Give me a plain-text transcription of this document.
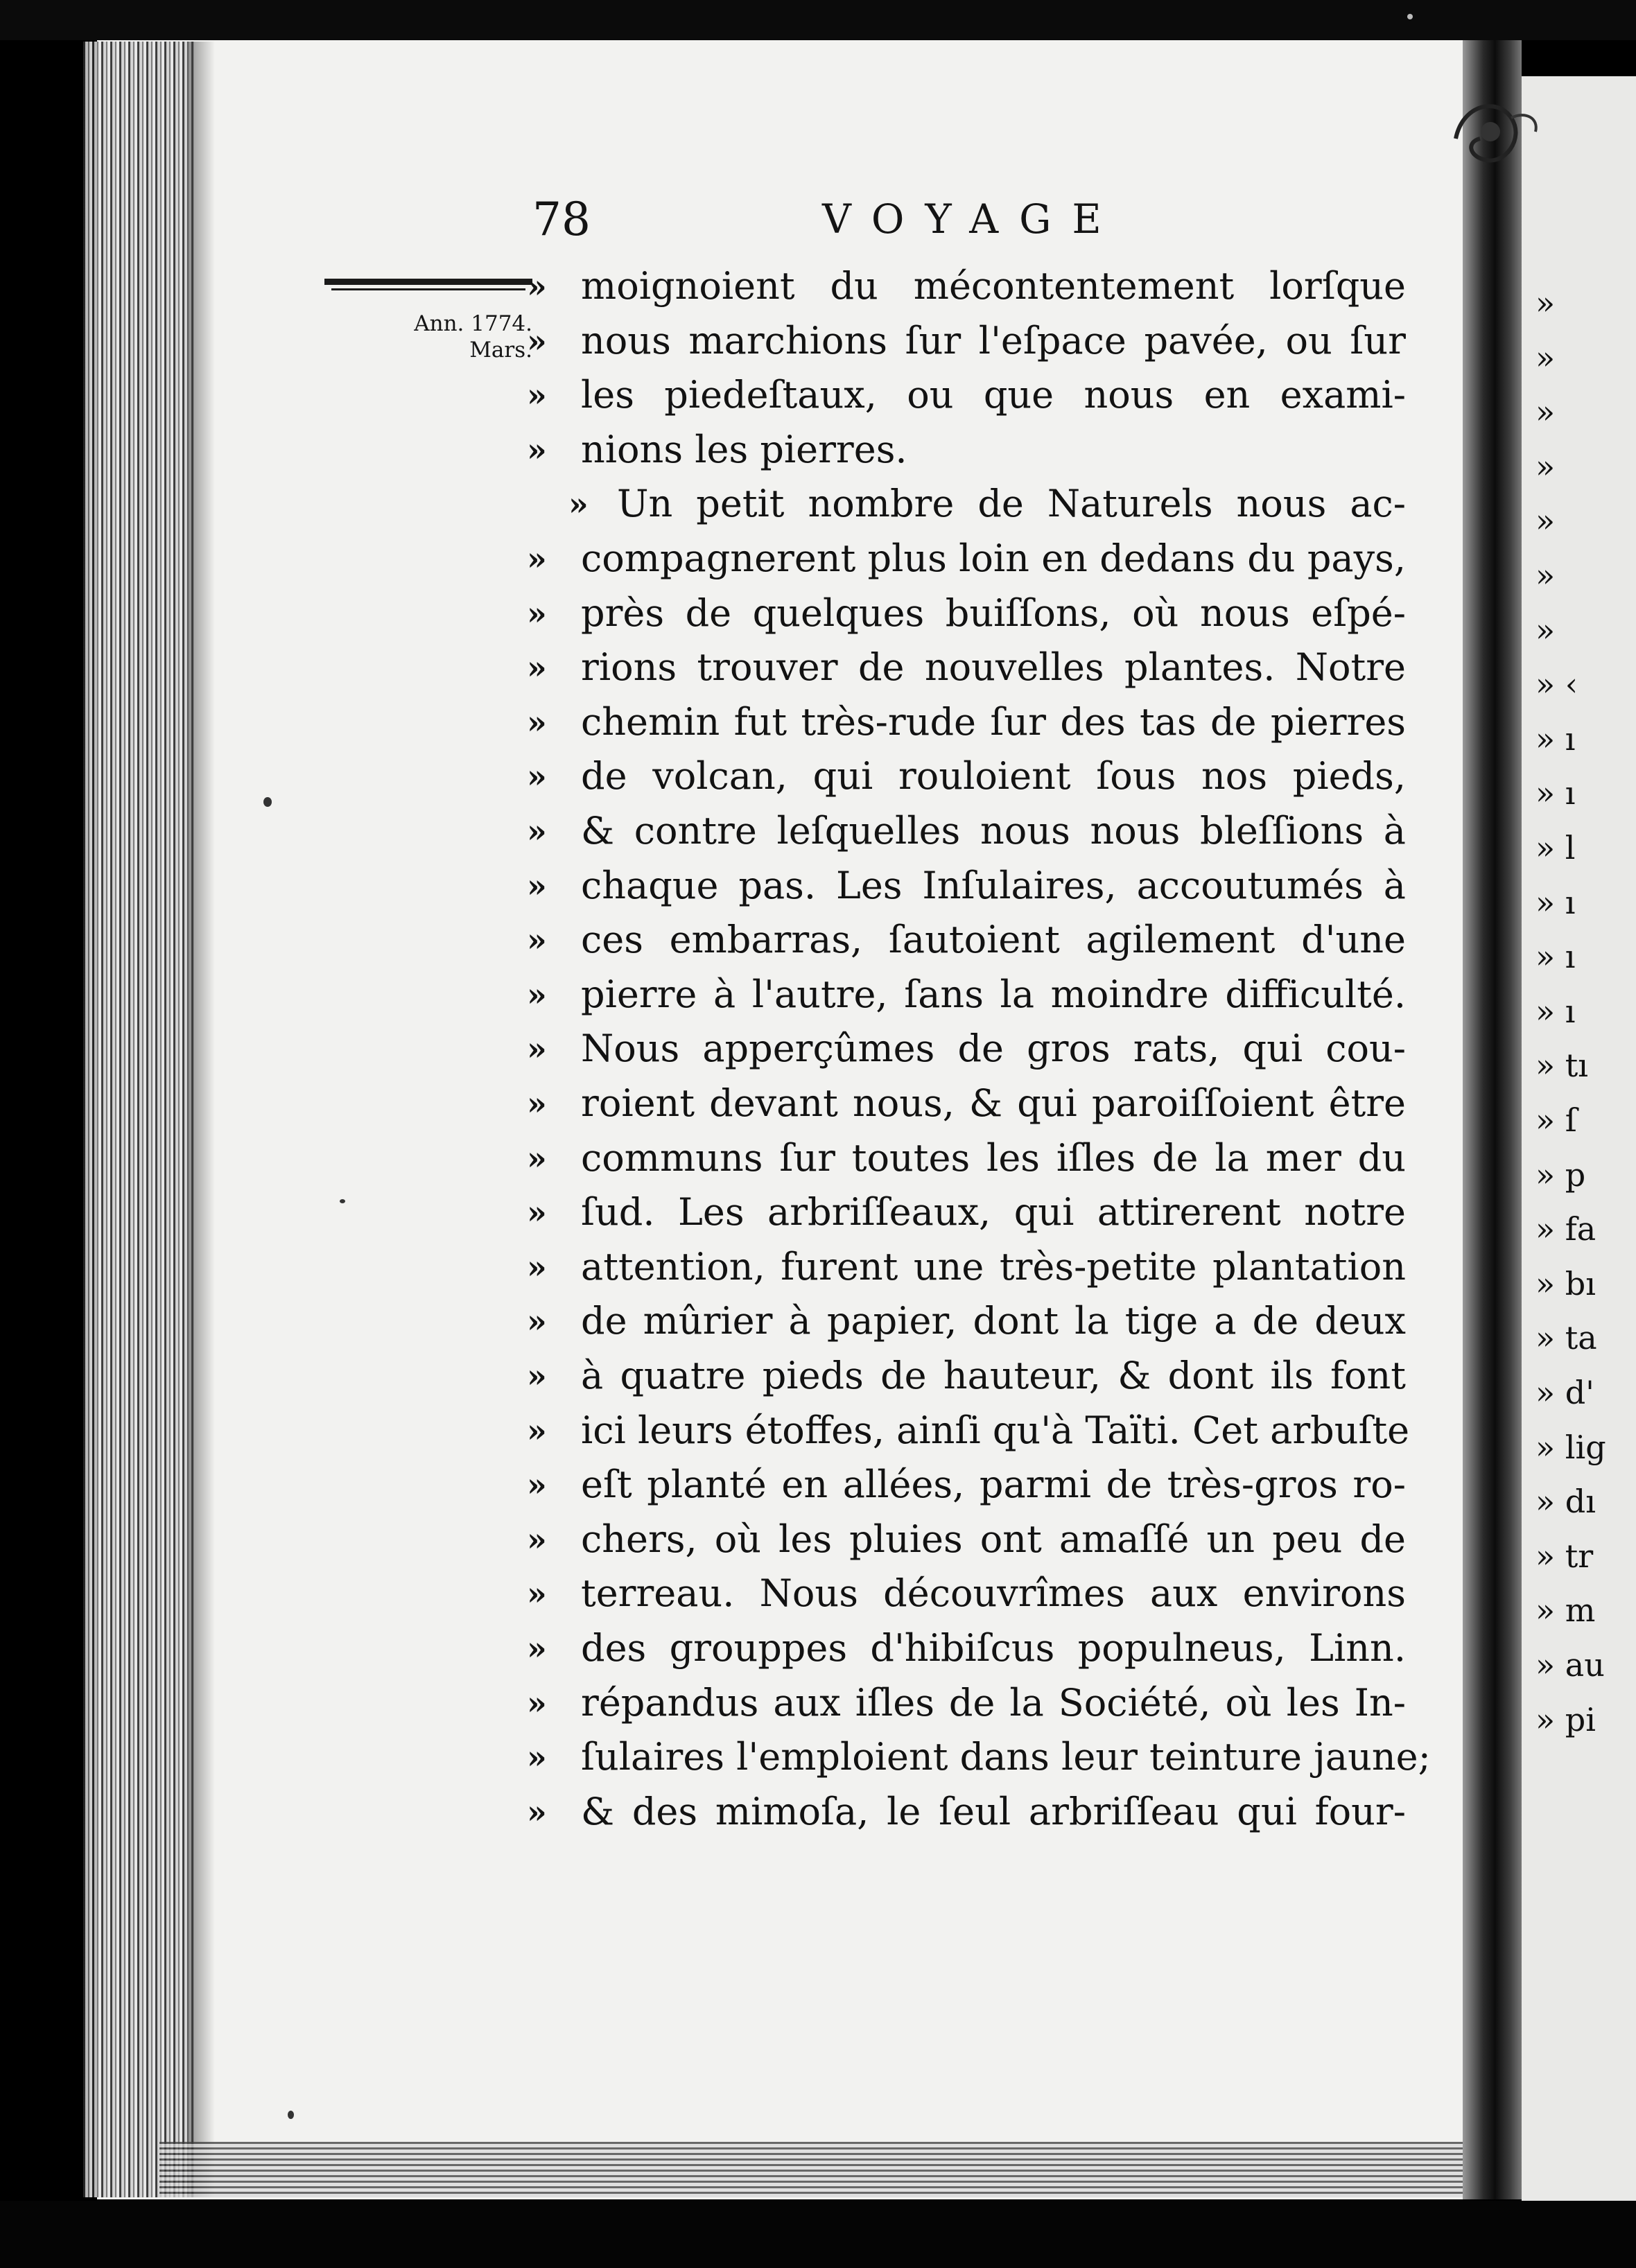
»
»
»
»
»
»
»
» ‹
» ı
» ı
» l
» ı
» ı
» ı
» tı
» ſ
» p
» fa
» bı
» ta
» d'
» lig
» dı
» tr
» m
» au
» pi
78	VOYAGE
Ann. 1774.
Mars.
» moignoient du mécontentement lorſque
» nous marchions ſur l'eſpace pavée, ou ſur
» les piedeſtaux, ou que nous en exami-
» nions les pierres.
» Un petit nombre de Naturels nous ac-
» compagnerent plus loin en dedans du pays,
» près de quelques buiſſons, où nous eſpé-
» rions trouver de nouvelles plantes. Notre
» chemin fut très-rude ſur des tas de pierres
» de volcan, qui rouloient ſous nos pieds,
» & contre leſquelles nous nous bleſſions à
» chaque pas. Les Inſulaires, accoutumés à
» ces embarras, ſautoient agilement d'une
» pierre à l'autre, ſans la moindre difficulté.
» Nous apperçûmes de gros rats, qui cou-
» roient devant nous, & qui paroiſſoient être
» communs ſur toutes les iſles de la mer du
» ſud. Les arbriſſeaux, qui attirerent notre
» attention, furent une très-petite plantation
» de mûrier à papier, dont la tige a de deux
» à quatre pieds de hauteur, & dont ils font
» ici leurs étoffes, ainſi qu'à Taïti. Cet arbuſte
» eſt planté en allées, parmi de très-gros ro-
» chers, où les pluies ont amaſſé un peu de
» terreau. Nous découvrîmes aux environs
» des grouppes d'hibiſcus populneus, Linn.
» répandus aux iſles de la Société, où les In-
» ſulaires l'emploient dans leur teinture jaune;
» & des mimoſa, le ſeul arbriſſeau qui four-
